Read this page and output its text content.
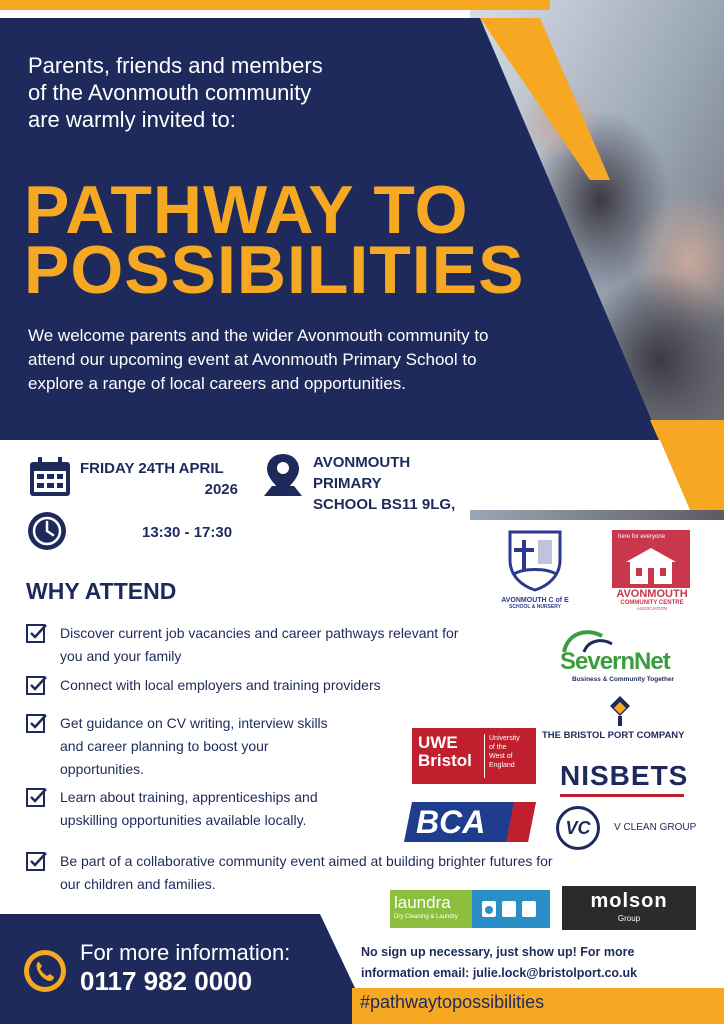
Parents, friends and members
of the Avonmouth community
are warmly invited to:
PATHWAY TO
POSSIBILITIES
We welcome parents and the wider Avonmouth community to
attend our upcoming event at Avonmouth Primary School to
explore a range of local careers and opportunities.
FRIDAY 24TH APRIL
2026
AVONMOUTH
PRIMARY
SCHOOL BS11 9LG,
13:30 - 17:30
WHY ATTEND
Discover current job vacancies and career pathways relevant for
you and your family
Connect with local employers and training providers
Get guidance on CV writing, interview skills
and career planning to boost your
opportunities.
Learn about training, apprenticeships and
upskilling opportunities available locally.
Be part of a collaborative community event aimed at building brighter futures for
our children and families.
AVONMOUTH C of E
SCHOOL & NURSERY
here for everyone
AVONMOUTH
COMMUNITY CENTRE
ASSOCIATION
SevernNet
Business & Community Together
THE BRISTOL PORT COMPANY
UWE
Bristol
University
of the
West of
England NISBETS
BCA	VC	V CLEAN GROUP
laundra
Dry Cleaning & Laundry
molson
Group
For more information:
0117 982 0000
No sign up necessary, just show up! For more
information email: julie.lock@bristolport.co.uk
#pathwaytopossibilities
